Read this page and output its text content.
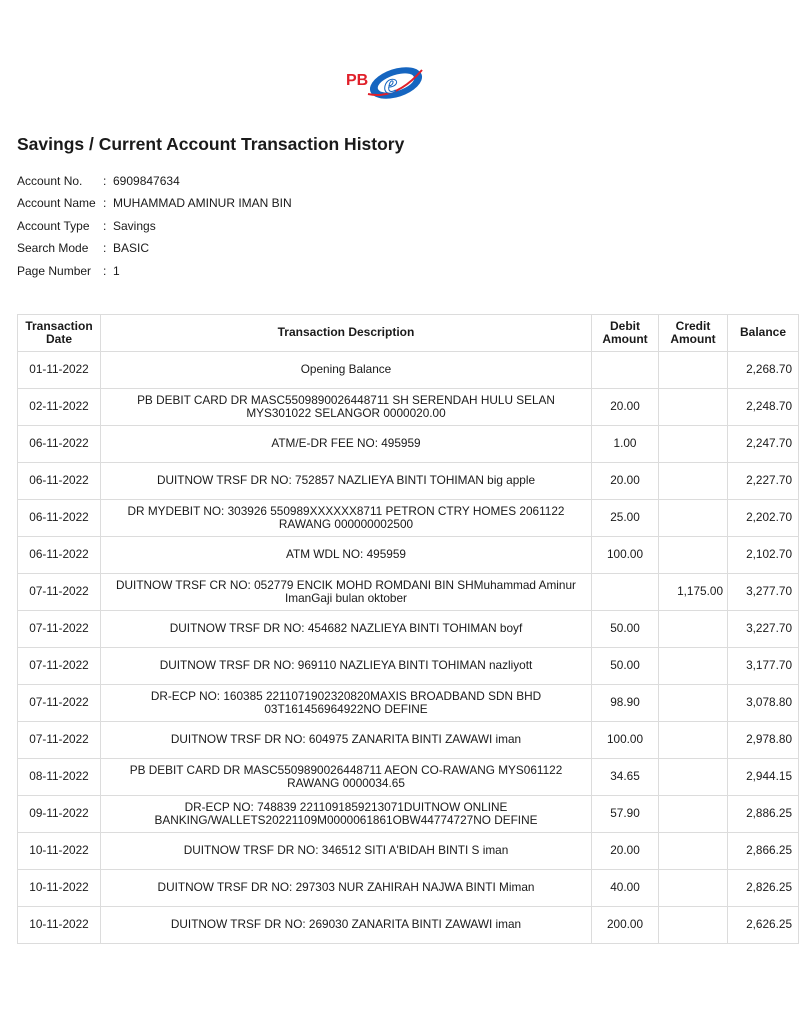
PB e
Savings / Current Account Transaction History
Account No.	: 6909847634
Account Name : MUHAMMAD AMINUR IMAN BIN
Account Type	: Savings
Search Mode	: BASIC
Page Number : 1
Transaction Date	Transaction Description	Debit Amount	Credit Amount	Balance
01-11-2022	Opening Balance			2,268.70
02-11-2022	PB DEBIT CARD DR MASC5509890026448711 SH SERENDAH HULU SELAN MYS301022 SELANGOR 0000020.00	20.00		2,248.70
06-11-2022	ATM/E-DR FEE NO: 495959	1.00		2,247.70
06-11-2022	DUITNOW TRSF DR NO: 752857 NAZLIEYA BINTI TOHIMAN big apple	20.00		2,227.70
06-11-2022	DR MYDEBIT NO: 303926 550989XXXXXX8711 PETRON CTRY HOMES 2061122 RAWANG 000000002500	25.00		2,202.70
06-11-2022	ATM WDL NO: 495959	100.00		2,102.70
07-11-2022	DUITNOW TRSF CR NO: 052779 ENCIK MOHD ROMDANI BIN SHMuhammad Aminur ImanGaji bulan oktober		1,175.00	3,277.70
07-11-2022	DUITNOW TRSF DR NO: 454682 NAZLIEYA BINTI TOHIMAN boyf	50.00		3,227.70
07-11-2022	DUITNOW TRSF DR NO: 969110 NAZLIEYA BINTI TOHIMAN nazliyott	50.00		3,177.70
07-11-2022	DR-ECP NO: 160385 2211071902320820MAXIS BROADBAND SDN BHD 03T161456964922NO DEFINE	98.90		3,078.80
07-11-2022	DUITNOW TRSF DR NO: 604975 ZANARITA BINTI ZAWAWI iman	100.00		2,978.80
08-11-2022	PB DEBIT CARD DR MASC5509890026448711 AEON CO-RAWANG MYS061122 RAWANG 0000034.65	34.65		2,944.15
09-11-2022	DR-ECP NO: 748839 2211091859213071DUITNOW ONLINE BANKING/WALLETS20221109M0000061861OBW44774727NO DEFINE	57.90		2,886.25
10-11-2022	DUITNOW TRSF DR NO: 346512 SITI A'BIDAH BINTI S iman	20.00		2,866.25
10-11-2022	DUITNOW TRSF DR NO: 297303 NUR ZAHIRAH NAJWA BINTI Miman	40.00		2,826.25
10-11-2022	DUITNOW TRSF DR NO: 269030 ZANARITA BINTI ZAWAWI iman	200.00		2,626.25
